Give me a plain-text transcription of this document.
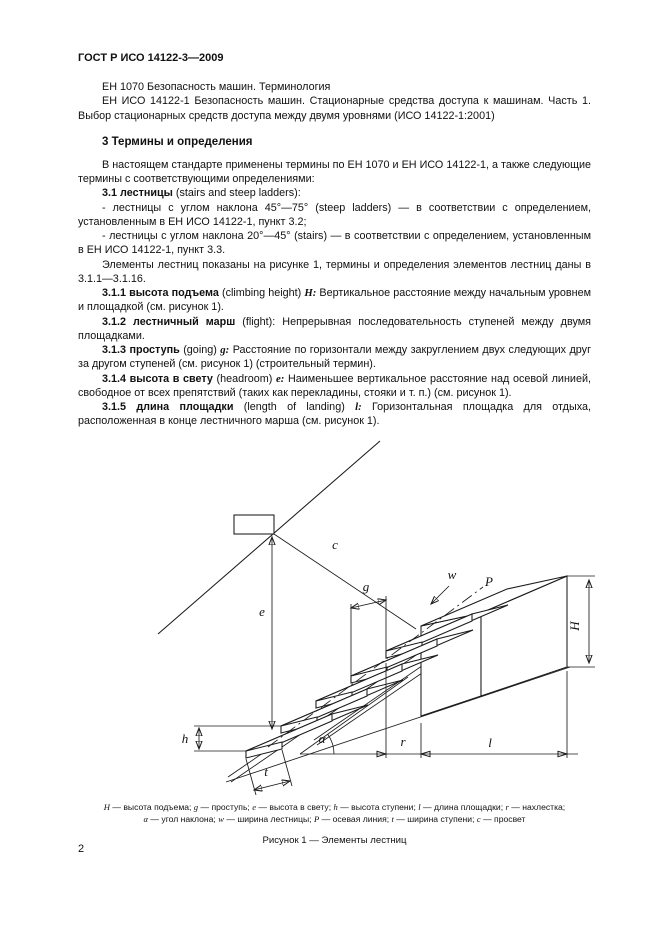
ГОСТ Р ИСО 14122-3—2009

ЕН 1070 Безопасность машин. Терминология

ЕН ИСО 14122-1 Безопасность машин. Стационарные средства доступа к машинам. Часть 1. Выбор стационарных средств доступа между двумя уровнями (ИСО 14122-1:2001)

3 Термины и определения

В настоящем стандарте применены термины по ЕН 1070 и ЕН ИСО 14122-1, а также следующие термины с соответствующими определениями:

3.1 лестницы (stairs and steep ladders):

- лестницы с углом наклона 45°—75° (steep ladders) — в соответствии с определением, установленным в ЕН ИСО 14122-1, пункт 3.2;

- лестницы с углом наклона 20°—45° (stairs) — в соответствии с определением, установленным в ЕН ИСО 14122-1, пункт 3.3.

Элементы лестниц показаны на рисунке 1, термины и определения элементов лестниц даны в 3.1.1—3.1.16.

3.1.1 высота подъема (climbing height) H: Вертикальное расстояние между начальным уровнем и площадкой (см. рисунок 1).

3.1.2 лестничный марш (flight): Непрерывная последовательность ступеней между двумя площадками.

3.1.3 проступь (going) g: Расстояние по горизонтали между закруглением двух следующих друг за другом ступеней (см. рисунок 1) (строительный термин).

3.1.4 высота в свету (headroom) e: Наименьшее вертикальное расстояние над осевой линией, свободное от всех препятствий (таких как перекладины, стояки и т. п.) (см. рисунок 1).

3.1.5 длина площадки (length of landing) l: Горизонтальная площадка для отдыха, расположенная в конце лестничного марша (см. рисунок 1).

c
w P
g
e
h
H
l
r
t
α
H — высота подъема; g — проступь; e — высота в свету; h — высота ступени; l — длина площадки; r — нахлестка;
α — угол наклона; w — ширина лестницы; P — осевая линия; t — ширина ступени; c — просвет
Рисунок 1 — Элементы лестниц
2
